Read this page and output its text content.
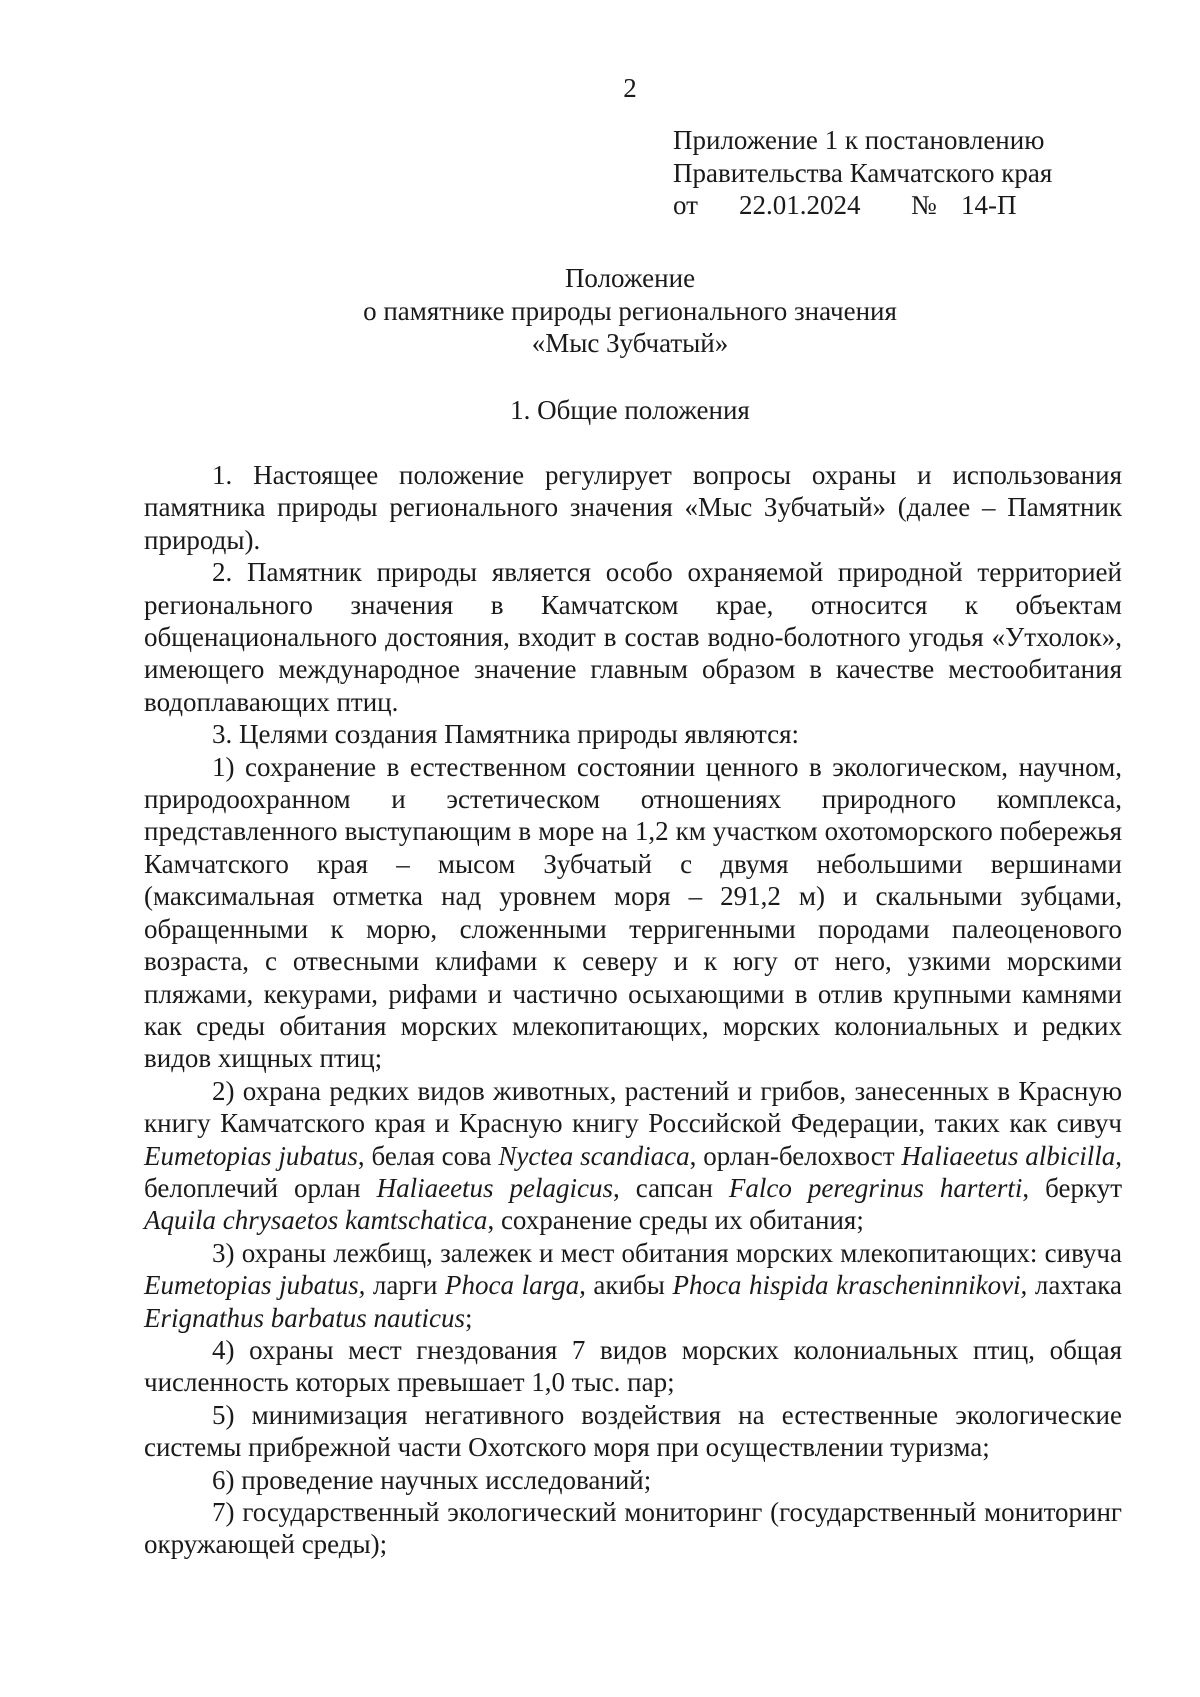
2
Приложение 1 к постановлению
Правительства Камчатского края
от 22.01.2024 № 14-П
Положение
о памятнике природы регионального значения
«Мыс Зубчатый»
1. Общие положения

1. Настоящее положение регулирует вопросы охраны и использования памятника природы регионального значения «Мыс Зубчатый» (далее – Памятник природы).

2. Памятник природы является особо охраняемой природной территорией регионального значения в Камчатском крае, относится к объектам общенационального достояния, входит в состав водно-болотного угодья «Утхолок», имеющего международное значение главным образом в качестве местообитания водоплавающих птиц.

3. Целями создания Памятника природы являются:

1) сохранение в естественном состоянии ценного в экологическом, научном, природоохранном и эстетическом отношениях природного комплекса, представленного выступающим в море на 1,2 км участком охотоморского побережья Камчатского края – мысом Зубчатый с двумя небольшими вершинами (максимальная отметка над уровнем моря – 291,2 м) и скальными зубцами, обращенными к морю, сложенными терригенными породами палеоценового возраста, с отвесными клифами к северу и к югу от него, узкими морскими пляжами, кекурами, рифами и частично осыхающими в отлив крупными камнями как среды обитания морских млекопитающих, морских колониальных и редких видов хищных птиц;

2) охрана редких видов животных, растений и грибов, занесенных в Красную книгу Камчатского края и Красную книгу Российской Федерации, таких как сивуч Eumetopias jubatus, белая сова Nyctea scandiaca, орлан-белохвост Haliaeetus albicilla, белоплечий орлан Haliaeetus pelagicus, сапсан Falco peregrinus harterti, беркут Aquila chrysaetos kamtschatica, сохранение среды их обитания;

3) охраны лежбищ, залежек и мест обитания морских млекопитающих: сивуча Eumetopias jubatus, ларги Phoca larga, акибы Phoca hispida krascheninnikovi, лахтака Erignathus barbatus nauticus;

4) охраны мест гнездования 7 видов морских колониальных птиц, общая численность которых превышает 1,0 тыс. пар;

5) минимизация негативного воздействия на естественные экологические системы прибрежной части Охотского моря при осуществлении туризма;

6) проведение научных исследований;

7) государственный экологический мониторинг (государственный мониторинг окружающей среды);
